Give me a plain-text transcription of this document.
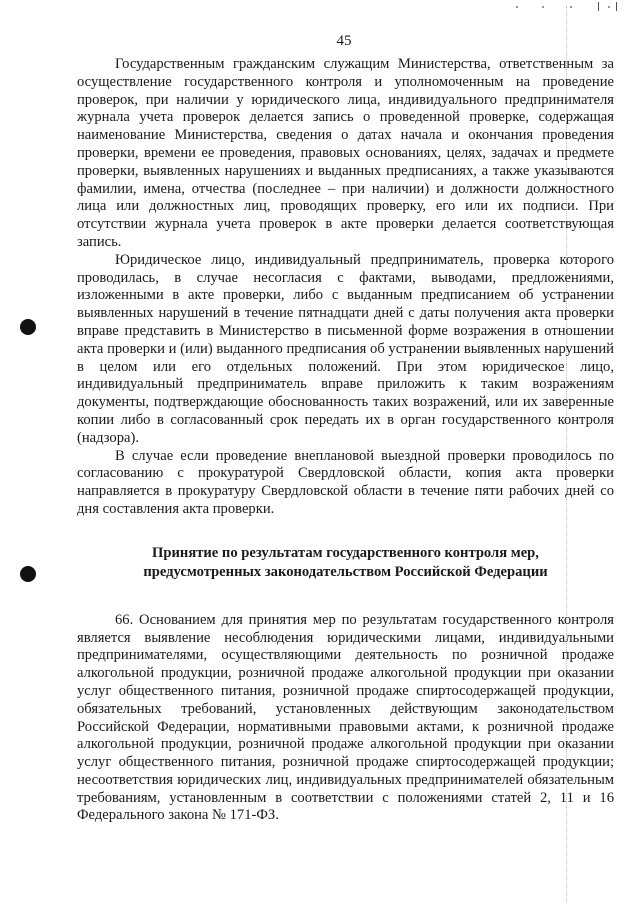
45

Государственным гражданским служащим Министерства, ответственным за осуществление государственного контроля и уполномоченным на проведение проверок, при наличии у юридического лица, индивидуального предпринимателя журнала учета проверок делается запись о проведенной проверке, содержащая наименование Министерства, сведения о датах начала и окончания проведения проверки, времени ее проведения, правовых основаниях, целях, задачах и предмете проверки, выявленных нарушениях и выданных предписаниях, а также указываются фамилии, имена, отчества (последнее – при наличии) и должности должностного лица или должностных лиц, проводящих проверку, его или их подписи. При отсутствии журнала учета проверок в акте проверки делается соответствующая запись.

Юридическое лицо, индивидуальный предприниматель, проверка которого проводилась, в случае несогласия с фактами, выводами, предложениями, изложенными в акте проверки, либо с выданным предписанием об устранении выявленных нарушений в течение пятнадцати дней с даты получения акта проверки вправе представить в Министерство в письменной форме возражения в отношении акта проверки и (или) выданного предписания об устранении выявленных нарушений в целом или его отдельных положений. При этом юридическое лицо, индивидуальный предприниматель вправе приложить к таким возражениям документы, подтверждающие обоснованность таких возражений, или их заверенные копии либо в согласованный срок передать их в орган государственного контроля (надзора).

В случае если проведение внеплановой выездной проверки проводилось по согласованию с прокуратурой Свердловской области, копия акта проверки направляется в прокуратуру Свердловской области в течение пяти рабочих дней со дня составления акта проверки.

Принятие по результатам государственного контроля мер,
предусмотренных законодательством Российской Федерации

66. Основанием для принятия мер по результатам государственного контроля является выявление несоблюдения юридическими лицами, индивидуальными предпринимателями, осуществляющими деятельность по розничной продаже алкогольной продукции, розничной продаже алкогольной продукции при оказании услуг общественного питания, розничной продаже спиртосодержащей продукции, обязательных требований, установленных действующим законодательством Российской Федерации, нормативными правовыми актами, к розничной продаже алкогольной продукции, розничной продаже алкогольной продукции при оказании услуг общественного питания, розничной продаже спиртосодержащей продукции; несоответствия юридических лиц, индивидуальных предпринимателей обязательным требованиям, установленным в соответствии с положениями статей 2, 11 и 16 Федерального закона № 171-ФЗ.
